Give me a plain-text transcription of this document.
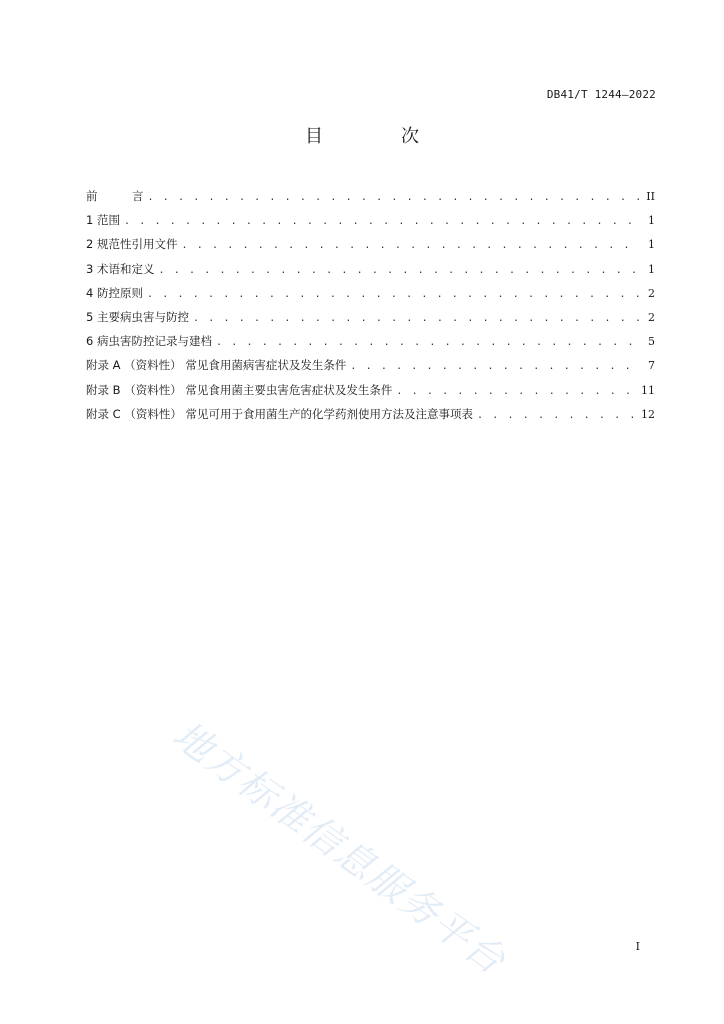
DB41/T 1244—2022
目　次
前　　　言 . . .	II
1 范围 . . .	1
2 规范性引用文件 . . .	1
3 术语和定义 . . .	1
4 防控原则 . . .	2
5 主要病虫害与防控 . . .	2
6 病虫害防控记录与建档 . . .	5
附录 A （资料性） 常见食用菌病害症状及发生条件 . . .	7
附录 B （资料性） 常见食用菌主要虫害危害症状及发生条件 . . .	11
附录 C （资料性） 常见可用于食用菌生产的化学药剂使用方法及注意事项表 . . .	12
地方标准信息服务平台	I
